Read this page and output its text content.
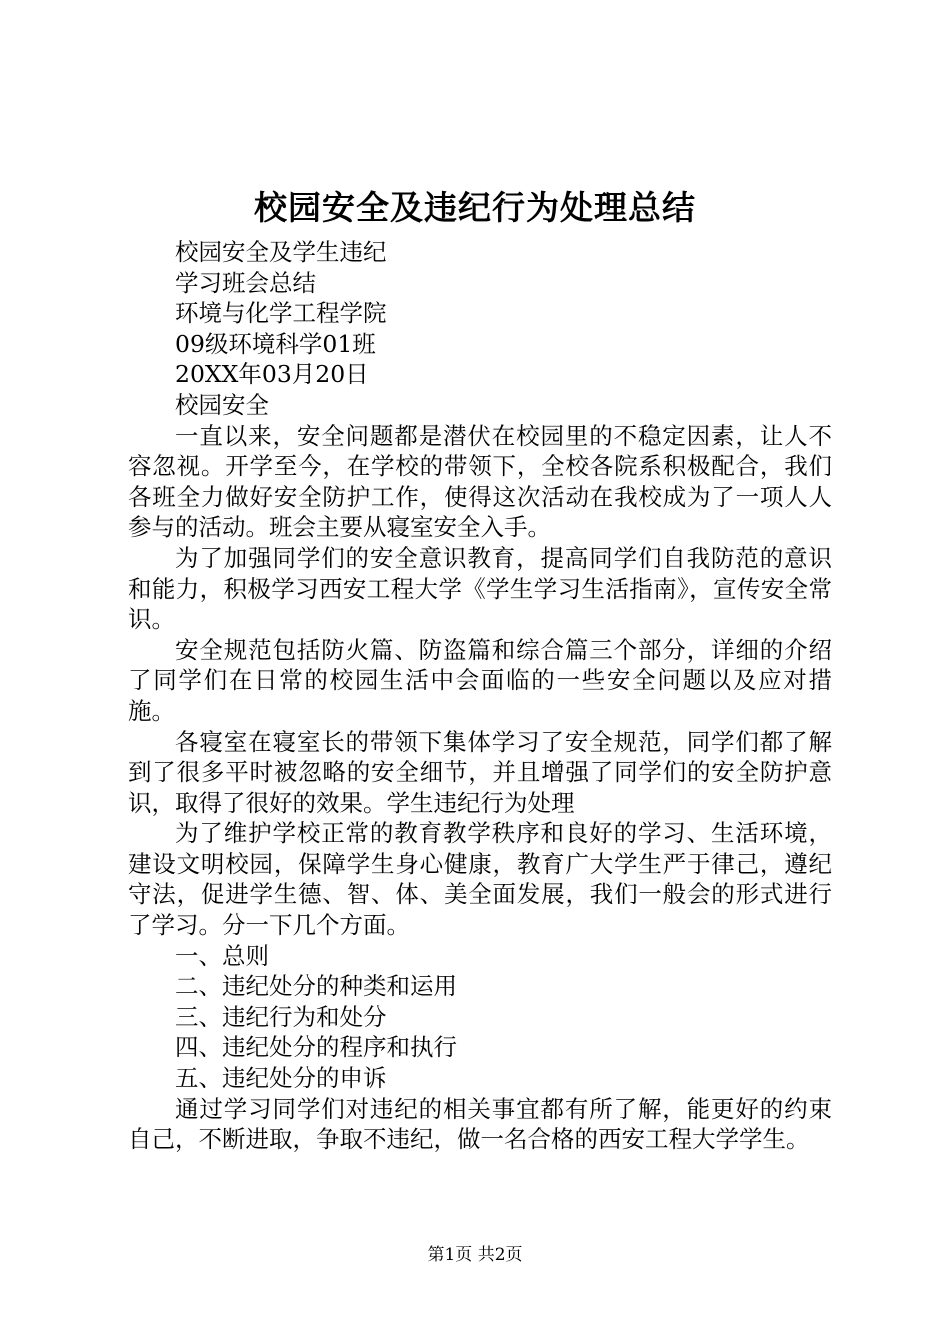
校园安全及违纪行为处理总结

校园安全及学生违纪

学习班会总结

环境与化学工程学院

09级环境科学01班

20XX年03月20日

校园安全

一直以来，安全问题都是潜伏在校园里的不稳定因素，让人不容忽视。开学至今，在学校的带领下，全校各院系积极配合，我们各班全力做好安全防护工作，使得这次活动在我校成为了一项人人参与的活动。班会主要从寝室安全入手。

为了加强同学们的安全意识教育，提高同学们自我防范的意识和能力，积极学习西安工程大学《学生学习生活指南》，宣传安全常识。

安全规范包括防火篇、防盗篇和综合篇三个部分，详细的介绍了同学们在日常的校园生活中会面临的一些安全问题以及应对措施。

各寝室在寝室长的带领下集体学习了安全规范，同学们都了解到了很多平时被忽略的安全细节，并且增强了同学们的安全防护意识，取得了很好的效果。学生违纪行为处理

为了维护学校正常的教育教学秩序和良好的学习、生活环境，建设文明校园，保障学生身心健康，教育广大学生严于律己，遵纪守法，促进学生德、智、体、美全面发展，我们一般会的形式进行了学习。分一下几个方面。

一、总则

二、违纪处分的种类和运用

三、违纪行为和处分

四、违纪处分的程序和执行

五、违纪处分的申诉

通过学习同学们对违纪的相关事宜都有所了解，能更好的约束自己，不断进取，争取不违纪，做一名合格的西安工程大学学生。

第1页 共2页
